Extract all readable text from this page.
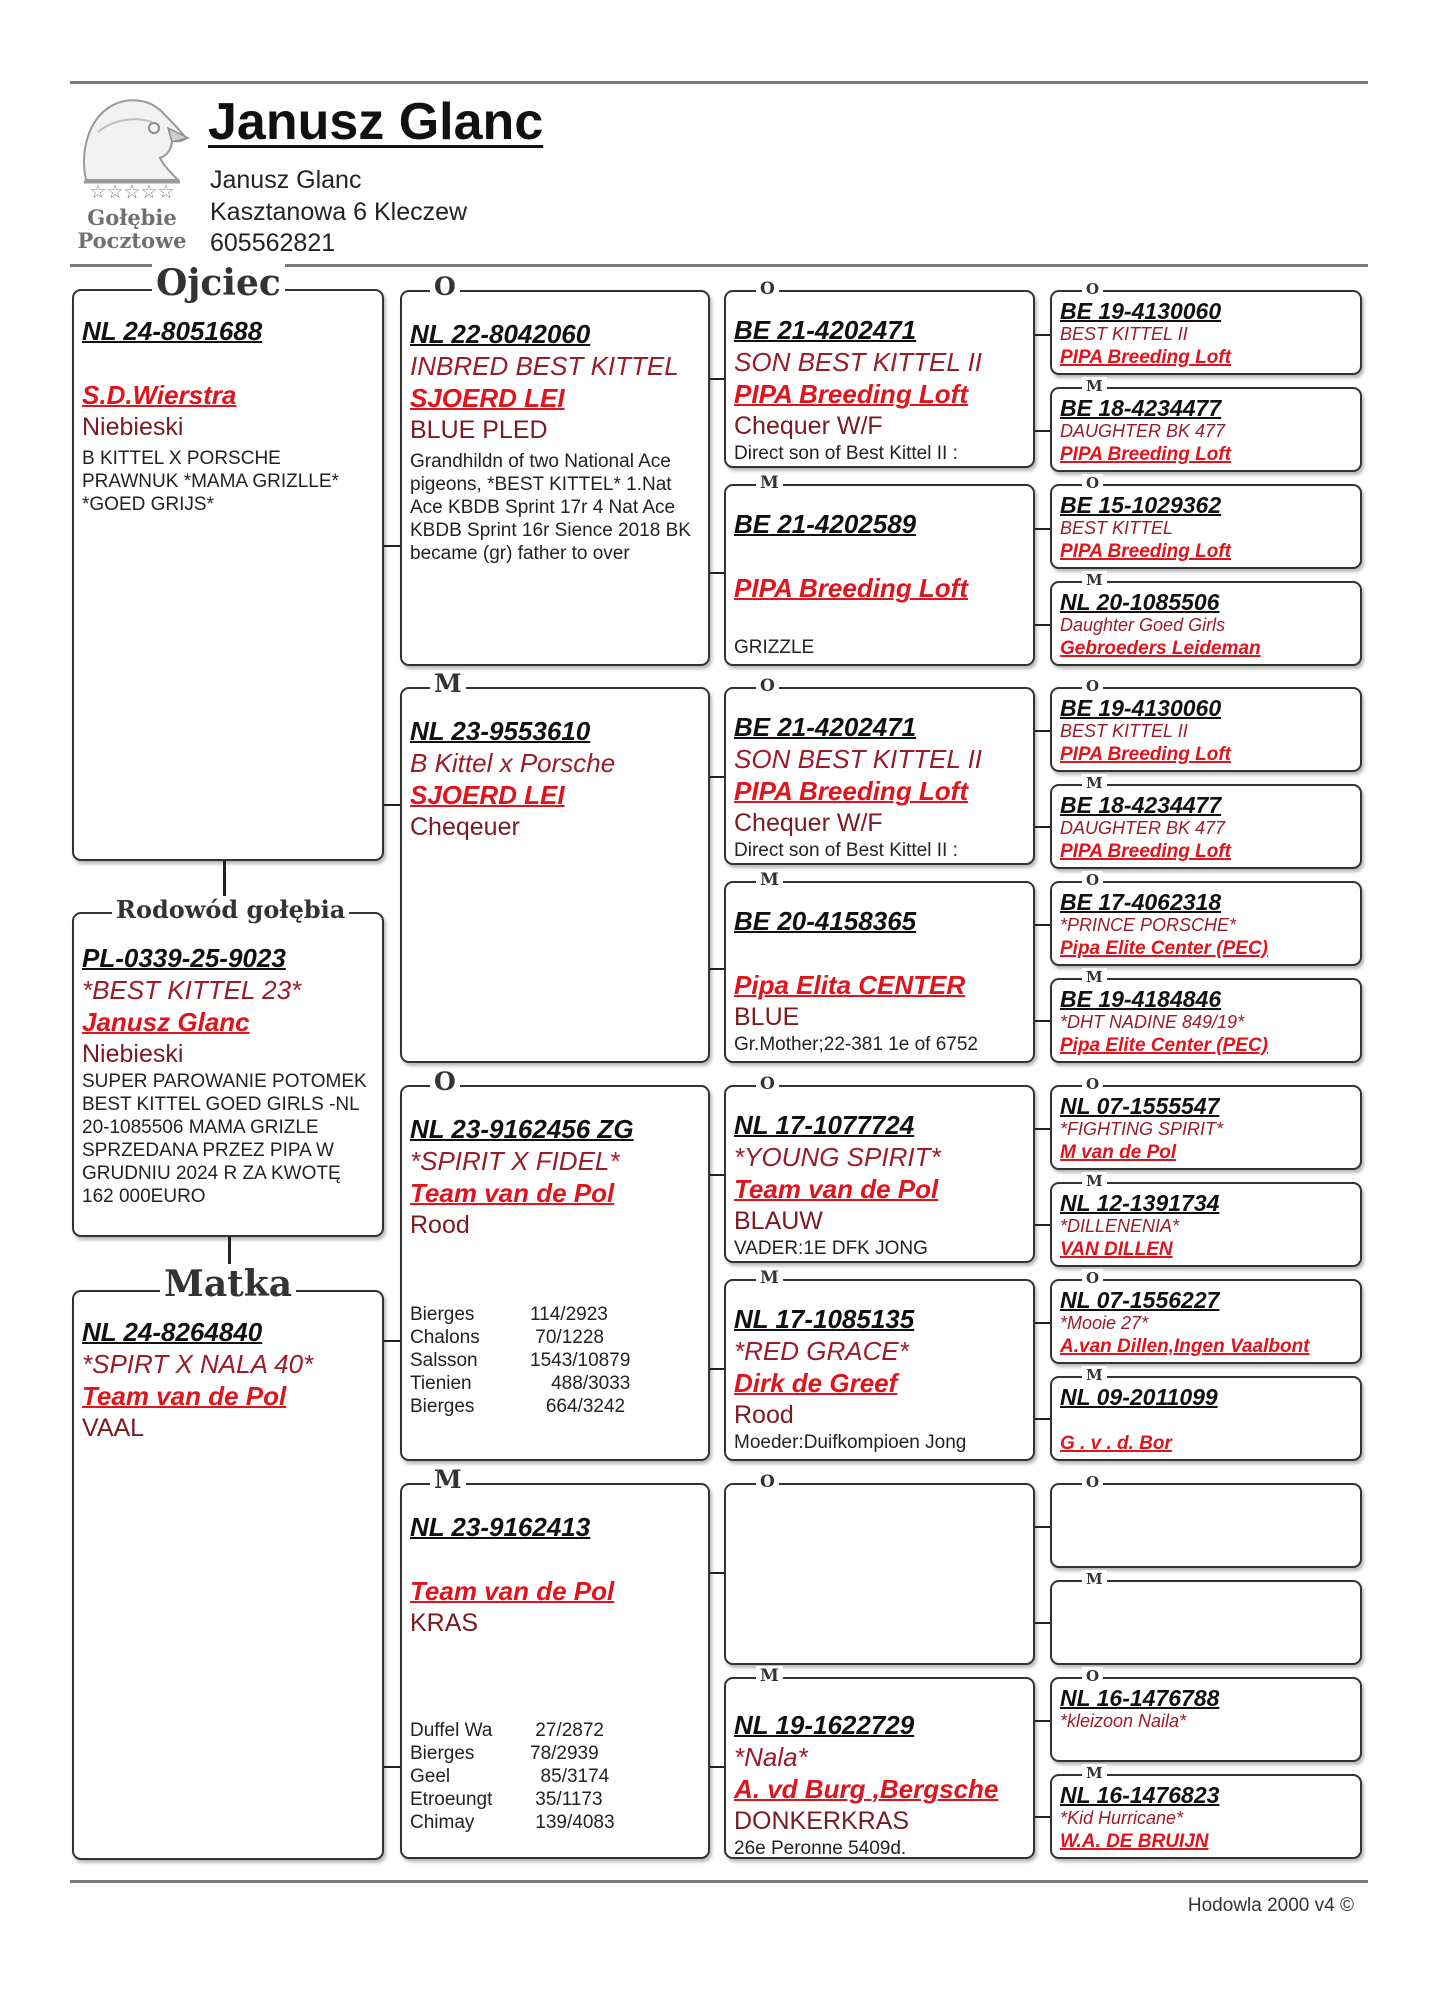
☆☆☆☆☆
Gołębie
Pocztowe
Janusz Glanc
Janusz Glanc
Kasztanowa 6 Kleczew
605562821
Ojciec
NL 24-8051688
S.D.Wierstra
Niebieski
B KITTEL X PORSCHE PRAWNUK *MAMA GRIZLLE* *GOED GRIJS*
Rodowód gołębia
PL-0339-25-9023
*BEST KITTEL 23*
Janusz Glanc
Niebieski
SUPER PAROWANIE POTOMEK BEST KITTEL GOED GIRLS -NL 20-1085506 MAMA GRIZLE SPRZEDANA PRZEZ PIPA W GRUDNIU 2024 R ZA KWOTĘ 162 000EURO
Matka
NL 24-8264840
*SPIRT X NALA 40*
Team van de Pol
VAAL
O
NL 22-8042060
INBRED BEST KITTEL
SJOERD LEI
BLUE PLED
Grandhildn of two National Ace pigeons, *BEST KITTEL* 1.Nat Ace KBDB Sprint 17r 4 Nat Ace KBDB Sprint 16r Sience 2018 BK became (gr) father to over
M
NL 23-9553610
B Kittel x Porsche
SJOERD LEI
Cheqeuer
O
NL 23-9162456 ZG
*SPIRIT X FIDEL*
Team van de Pol
Rood
Bierges	114/2923
Chalons	70/1228
Salsson	1543/10879
Tienien	488/3033
Bierges	664/3242
M
NL 23-9162413
Team van de Pol
KRAS
Duffel Wa	27/2872
Bierges	78/2939
Geel	85/3174
Etroeungt	35/1173
Chimay	139/4083
O
BE 21-4202471
SON BEST KITTEL II
PIPA Breeding Loft
Chequer W/F
Direct son of Best Kittel II :
M
BE 21-4202589
PIPA Breeding Loft
GRIZZLE
O
BE 21-4202471
SON BEST KITTEL II
PIPA Breeding Loft
Chequer W/F
Direct son of Best Kittel II :
M
BE 20-4158365
Pipa Elita CENTER
BLUE
Gr.Mother;22-381 1e of 6752
O
NL 17-1077724
*YOUNG SPIRIT*
Team van de Pol
BLAUW
VADER:1E DFK JONG
M
NL 17-1085135
*RED GRACE*
Dirk de Greef
Rood
Moeder:Duifkompioen Jong
O
M
NL 19-1622729
*Nala*
A. vd Burg ,Bergsche
DONKERKRAS
26e Peronne 5409d.
O
BE 19-4130060
BEST KITTEL II
PIPA Breeding Loft
M
BE 18-4234477
DAUGHTER BK 477
PIPA Breeding Loft
O
BE 15-1029362
BEST KITTEL
PIPA Breeding Loft
M
NL 20-1085506
Daughter Goed Girls
Gebroeders Leideman
O
BE 19-4130060
BEST KITTEL II
PIPA Breeding Loft
M
BE 18-4234477
DAUGHTER BK 477
PIPA Breeding Loft
O
BE 17-4062318
*PRINCE PORSCHE*
Pipa Elite Center (PEC)
M
BE 19-4184846
*DHT NADINE 849/19*
Pipa Elite Center (PEC)
O
NL 07-1555547
*FIGHTING SPIRIT*
M van de Pol
M
NL 12-1391734
*DILLENENIA*
VAN DILLEN
O
NL 07-1556227
*Mooie 27*
A.van Dillen,Ingen Vaalbont
M
NL 09-2011099
G . v . d. Bor
O
M
O
NL 16-1476788
*kleizoon Naila*
M
NL 16-1476823
*Kid Hurricane*
W.A. DE BRUIJN
Hodowla 2000 v4 ©
